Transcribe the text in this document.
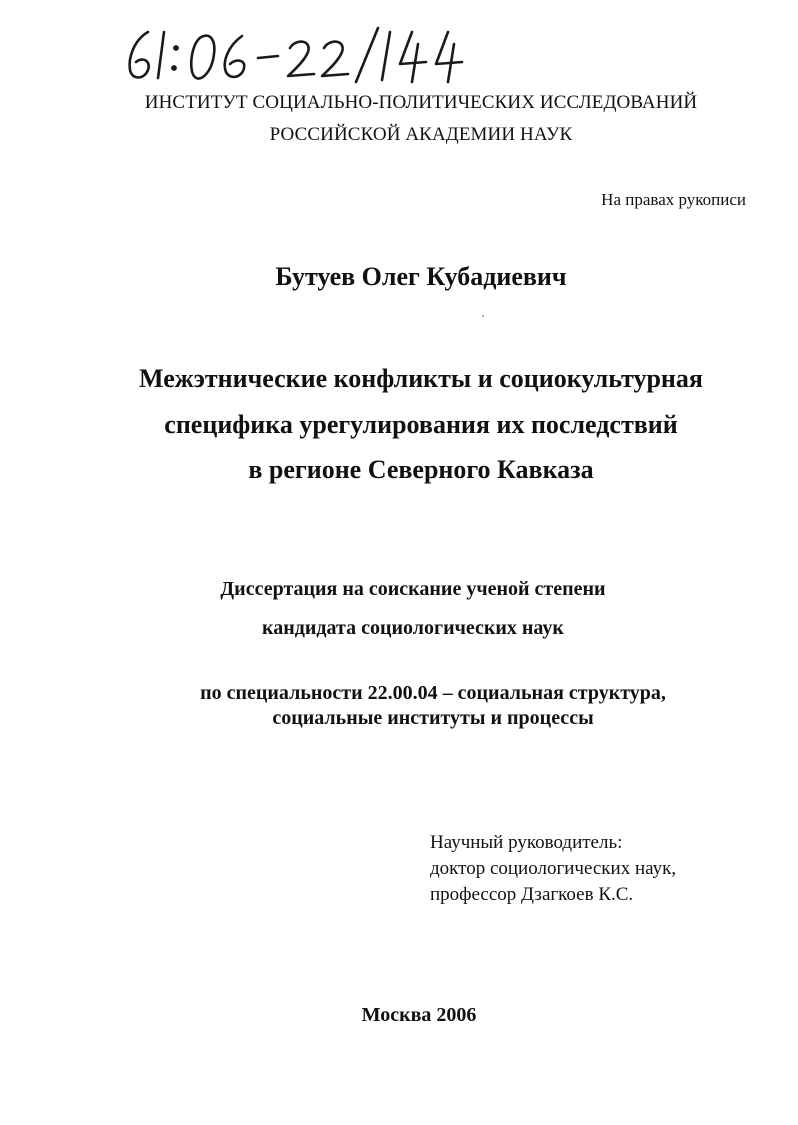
ИНСТИТУТ СОЦИАЛЬНО-ПОЛИТИЧЕСКИХ ИССЛЕДОВАНИЙ
РОССИЙСКОЙ АКАДЕМИИ НАУК
На правах рукописи
Бутуев Олег Кубадиевич
Межэтнические конфликты и социокультурная
специфика урегулирования их последствий
в регионе Северного Кавказа
Диссертация на соискание ученой степени
кандидата социологических наук
по специальности 22.00.04 – социальная структура,
социальные институты и процессы
Научный руководитель:
доктор социологических наук,
профессор Дзагкоев К.С.
Москва 2006
